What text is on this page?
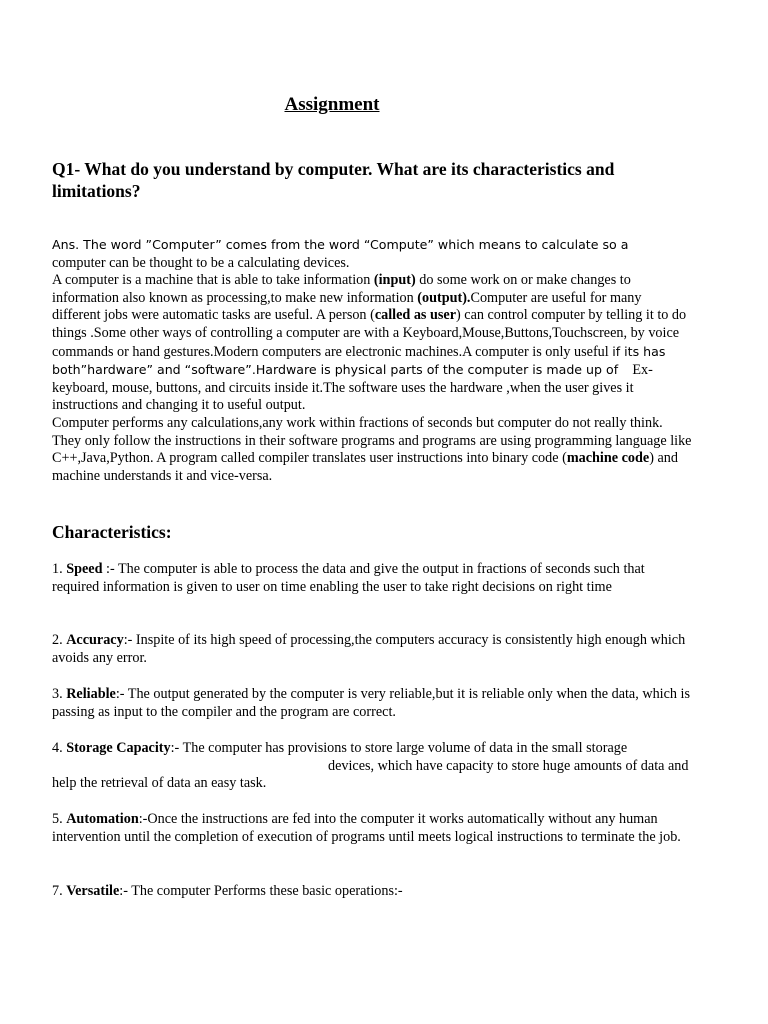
Assignment
Q1- What do you understand by computer. What are its characteristics and limitations?

Ans. The word ”Computer” comes from the word “Compute” which means to calculate so a
computer can be thought to be a calculating devices.

A computer is a machine that is able to take information (input) do some work on or make changes to information also known as processing,to make new information (output).Computer are useful for many different jobs were automatic tasks are useful. A person (called as user) can control computer by telling it to do things .Some other ways of controlling a computer are with a Keyboard,Mouse,Buttons,Touchscreen, by voice commands or hand gestures.Modern computers are electronic machines.A computer is only useful if its has both”hardware” and “software”.Hardware is physical parts of the computer is made up of    Ex- keyboard, mouse, buttons, and circuits inside it.The software uses the hardware ,when the user gives it instructions and changing it to useful output.

Computer performs any calculations,any work within fractions of seconds but computer do not really think. They only follow the instructions in their software programs and programs are using programming language like C++,Java,Python. A program called compiler translates user instructions into binary code (machine code) and machine understands it and vice-versa.

Characteristics:
1. Speed :- The computer is able to process the data and give the output in fractions of seconds such that required information is given to user on time enabling the user to take right decisions on right time
2. Accuracy:- Inspite of its high speed of processing,the computers accuracy is consistently high enough which avoids any error.
3. Reliable:- The output generated by the computer is very reliable,but it is reliable only when the data, which is passing as input to the compiler and the program are correct.
4. Storage Capacity:- The computer has provisions to store large volume of data in the small storagedevices, which have capacity to store huge amounts of data and help the retrieval of data an easy task.
5. Automation:-Once the instructions are fed into the computer it works automatically without any human intervention until the completion of execution of programs until meets logical instructions to terminate the job.
7. Versatile:- The computer Performs these basic operations:-
